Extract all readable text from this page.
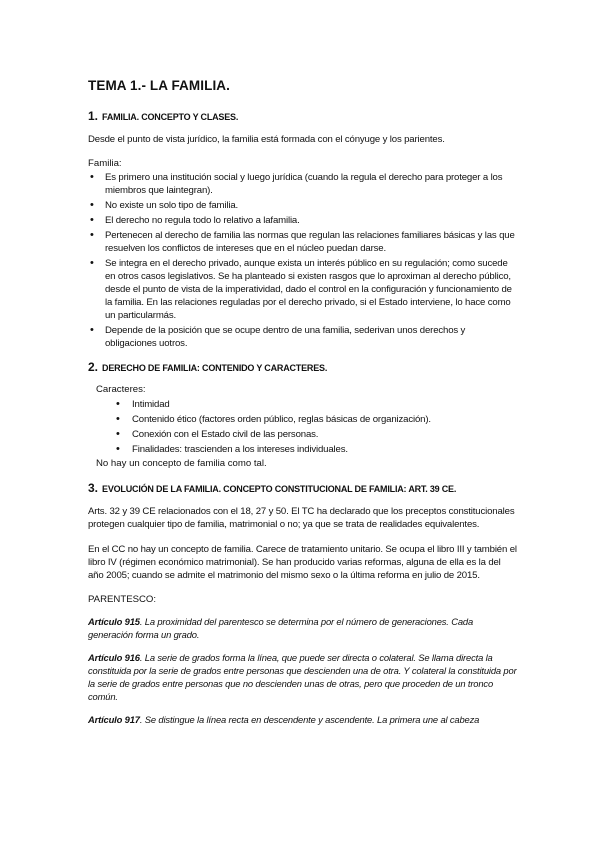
TEMA 1.- LA FAMILIA.
1. FAMILIA. CONCEPTO Y CLASES.
Desde el punto de vista jurídico, la familia está formada con el cónyuge y los parientes.
Familia:
• Es primero una institución social y luego jurídica (cuando la regula el derecho para proteger a los miembros que laintegran).
• No existe un solo tipo de familia.
• El derecho no regula todo lo relativo a lafamilia.
• Pertenecen al derecho de familia las normas que regulan las relaciones familiares básicas y las que resuelven los conflictos de intereses que en el núcleo puedan darse.
• Se integra en el derecho privado, aunque exista un interés público en su regulación; como sucede en otros casos legislativos. Se ha planteado si existen rasgos que lo aproximan al derecho público, desde el punto de vista de la imperatividad, dado el control en la configuración y funcionamiento de la familia. En las relaciones reguladas por el derecho privado, si el Estado interviene, lo hace como un particularmás.
• Depende de la posición que se ocupe dentro de una familia, sederivan unos derechos y obligaciones uotros.
2. DERECHO DE FAMILIA: CONTENIDO Y CARACTERES.
Caracteres:
• Intimidad
• Contenido ético (factores orden público, reglas básicas de organización).
• Conexión con el Estado civil de las personas.
• Finalidades: trascienden a los intereses individuales.
No hay un concepto de familia como tal.
3. EVOLUCIÓN DE LA FAMILIA. CONCEPTO CONSTITUCIONAL DE FAMILIA: ART. 39 CE.
Arts. 32 y 39 CE relacionados con el 18, 27 y 50. El TC ha declarado que los preceptos constitucionales protegen cualquier tipo de familia, matrimonial o no; ya que se trata de realidades equivalentes.
En el CC no hay un concepto de familia. Carece de tratamiento unitario. Se ocupa el libro III y también el libro IV (régimen económico matrimonial). Se han producido varias reformas, alguna de ella es la del año 2005; cuando se admite el matrimonio del mismo sexo o la última reforma en julio de 2015.
PARENTESCO:
Artículo 915. La proximidad del parentesco se determina por el número de generaciones. Cada generación forma un grado.
Artículo 916. La serie de grados forma la línea, que puede ser directa o colateral. Se llama directa la constituida por la serie de grados entre personas que descienden una de otra. Y colateral la constituida por la serie de grados entre personas que no descienden unas de otras, pero que proceden de un tronco común.
Artículo 917. Se distingue la línea recta en descendente y ascendente. La primera une al cabeza
